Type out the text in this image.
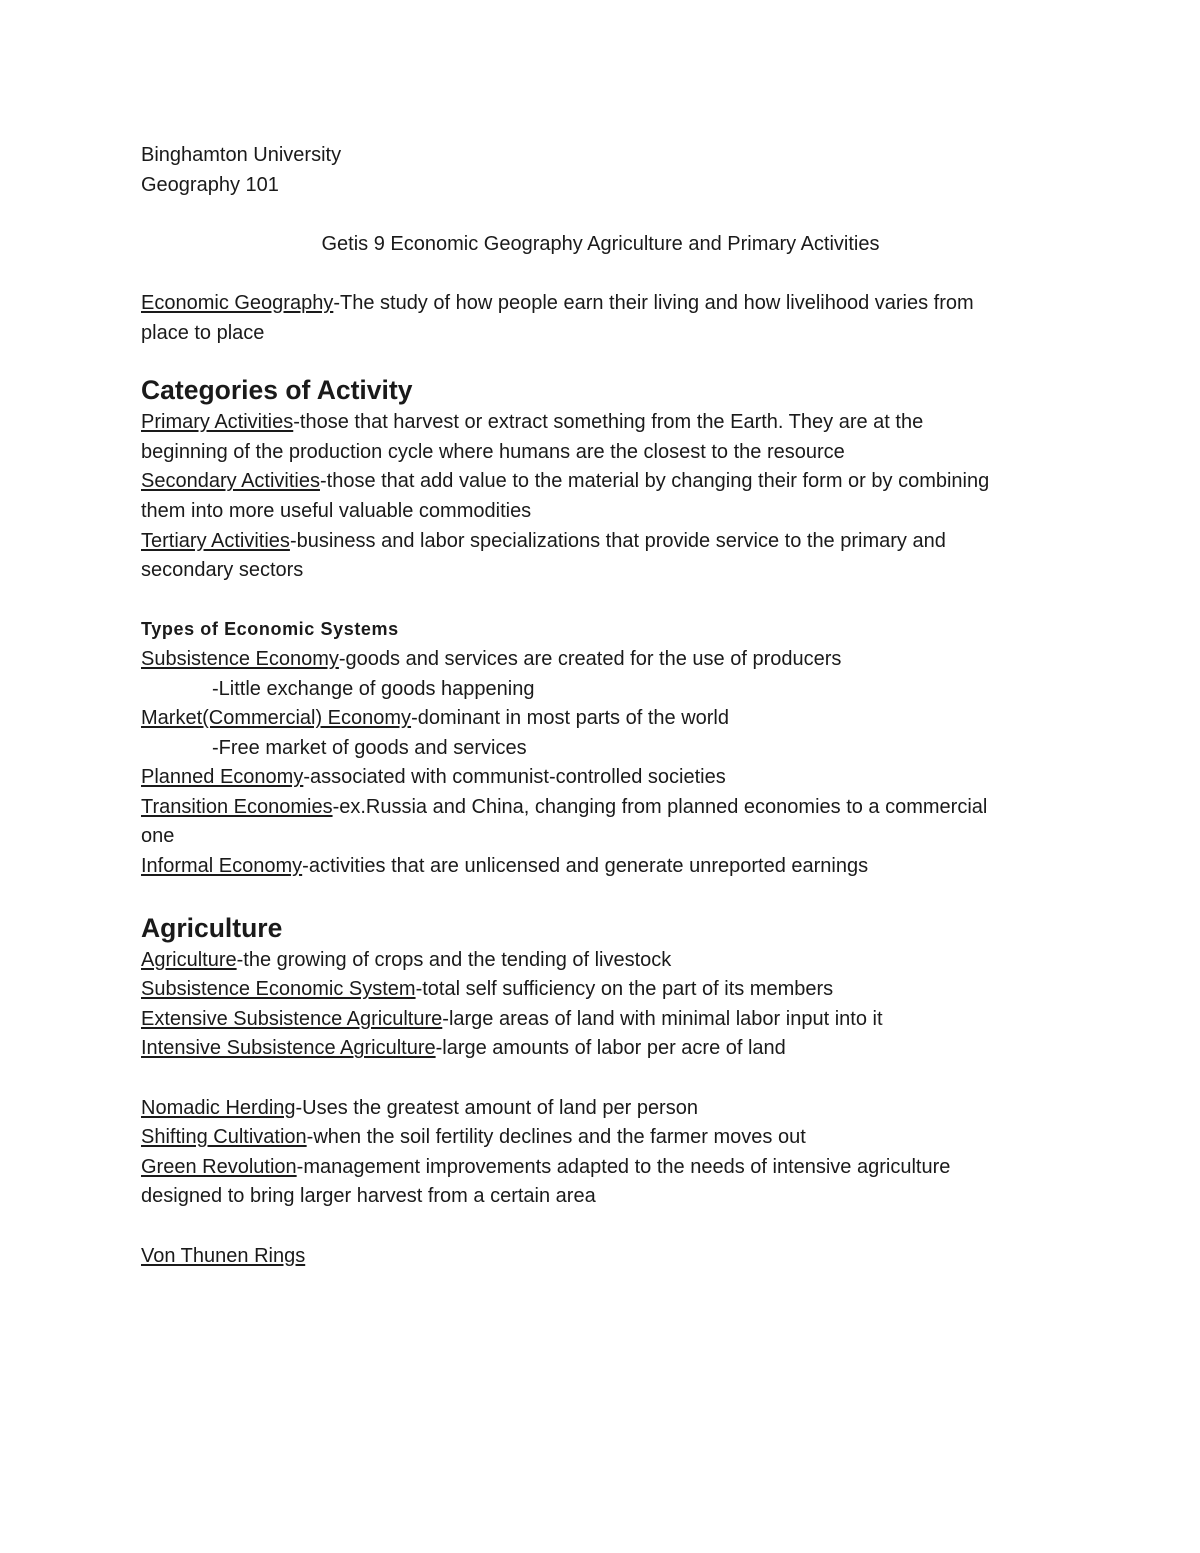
Binghamton University

Geography 101

Getis 9 Economic Geography Agriculture and Primary Activities

Economic Geography-The study of how people earn their living and how livelihood varies from

place to place

Categories of Activity

Primary Activities-those that harvest or extract something from the Earth. They are at the

beginning of the production cycle where humans are the closest to the resource

Secondary Activities-those that add value to the material by changing their form or by combining

them into more useful valuable commodities

Tertiary Activities-business and labor specializations that provide service to the primary and

secondary sectors

Types of Economic Systems

Subsistence Economy-goods and services are created for the use of producers

-Little exchange of goods happening

Market(Commercial) Economy-dominant in most parts of the world

-Free market of goods and services

Planned Economy-associated with communist-controlled societies

Transition Economies-ex.Russia and China, changing from planned economies to a commercial

one

Informal Economy-activities that are unlicensed and generate unreported earnings

Agriculture

Agriculture-the growing of crops and the tending of livestock

Subsistence Economic System-total self sufficiency on the part of its members

Extensive Subsistence Agriculture-large areas of land with minimal labor input into it

Intensive Subsistence Agriculture-large amounts of labor per acre of land

Nomadic Herding-Uses the greatest amount of land per person

Shifting Cultivation-when the soil fertility declines and the farmer moves out

Green Revolution-management improvements adapted to the needs of intensive agriculture

designed to bring larger harvest from a certain area

Von Thunen Rings
